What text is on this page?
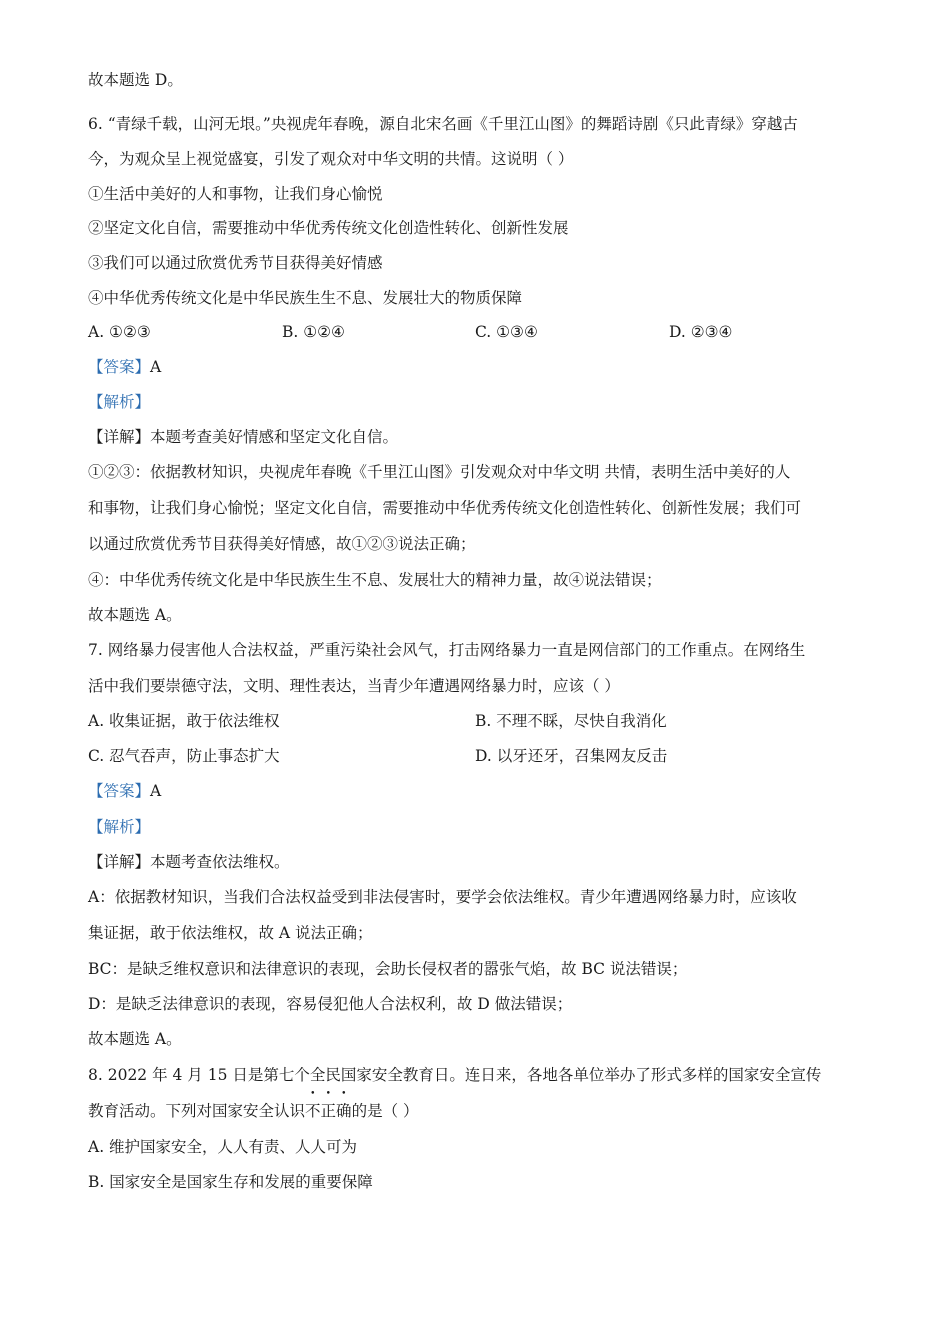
故本题选 D。
6. “青绿千载，山河无垠。”央视虎年春晚，源自北宋名画《千里江山图》的舞蹈诗剧《只此青绿》穿越古
今，为观众呈上视觉盛宴，引发了观众对中华文明的共情。这说明（ ）
①生活中美好的人和事物，让我们身心愉悦
②坚定文化自信，需要推动中华优秀传统文化创造性转化、创新性发展
③我们可以通过欣赏优秀节目获得美好情感
④中华优秀传统文化是中华民族生生不息、发展壮大的物质保障
A. ①②③	B. ①②④	C. ①③④	D. ②③④
【答案】A
【解析】
【详解】本题考查美好情感和坚定文化自信。
①②③：依据教材知识，央视虎年春晚《千里江山图》引发观众对中华文明 共情，表明生活中美好的人
和事物，让我们身心愉悦；坚定文化自信，需要推动中华优秀传统文化创造性转化、创新性发展；我们可
以通过欣赏优秀节目获得美好情感，故①②③说法正确；
④：中华优秀传统文化是中华民族生生不息、发展壮大的精神力量，故④说法错误；
故本题选 A。
7. 网络暴力侵害他人合法权益，严重污染社会风气，打击网络暴力一直是网信部门的工作重点。在网络生
活中我们要崇德守法，文明、理性表达，当青少年遭遇网络暴力时，应该（ ）
A. 收集证据，敢于依法维权	B. 不理不睬，尽快自我消化
C. 忍气吞声，防止事态扩大	D. 以牙还牙，召集网友反击
【答案】A
【解析】
【详解】本题考查依法维权。
A：依据教材知识，当我们合法权益受到非法侵害时，要学会依法维权。青少年遭遇网络暴力时，应该收
集证据，敢于依法维权，故 A 说法正确；
BC：是缺乏维权意识和法律意识的表现，会助长侵权者的嚣张气焰，故 BC 说法错误；
D：是缺乏法律意识的表现，容易侵犯他人合法权利，故 D 做法错误；
故本题选 A。
8. 2022 年 4 月 15 日是第七个全民国家安全教育日。连日来，各地各单位举办了形式多样的国家安全宣传
教育活动。下列对国家安全认识不正确的是（ ）
A. 维护国家安全，人人有责、人人可为
B. 国家安全是国家生存和发展的重要保障
